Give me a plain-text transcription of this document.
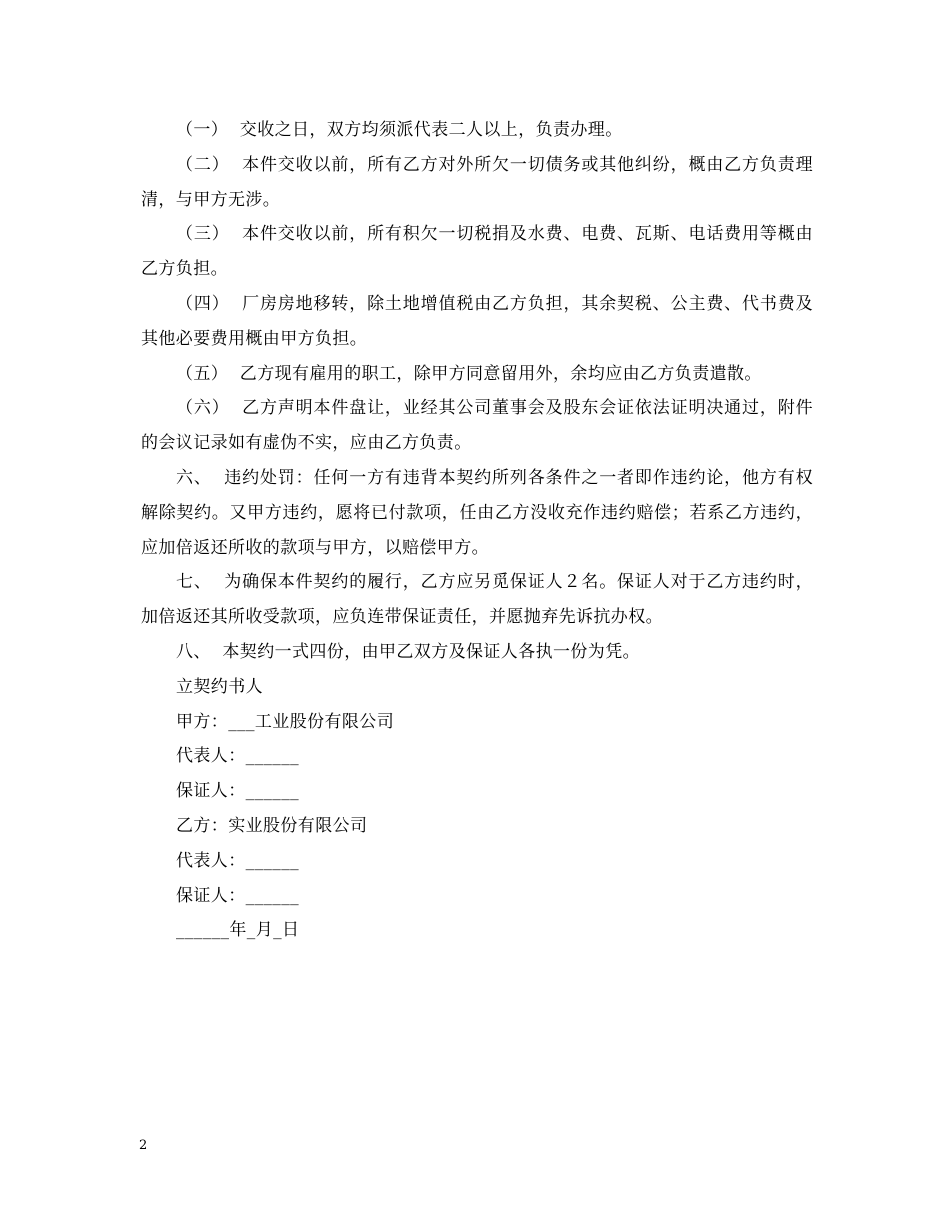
（一）  交收之日，双方均须派代表二人以上，负责办理。

（二）  本件交收以前，所有乙方对外所欠一切债务或其他纠纷，概由乙方负责理清，与甲方无涉。

（三）  本件交收以前，所有积欠一切税捐及水费、电费、瓦斯、电话费用等概由乙方负担。

（四）  厂房房地移转，除土地增值税由乙方负担，其余契税、公主费、代书费及其他必要费用概由甲方负担。

（五）  乙方现有雇用的职工，除甲方同意留用外，余均应由乙方负责遣散。

（六）  乙方声明本件盘让，业经其公司董事会及股东会证依法证明决通过，附件的会议记录如有虚伪不实，应由乙方负责。

六、  违约处罚：任何一方有违背本契约所列各条件之一者即作违约论，他方有权解除契约。又甲方违约，愿将已付款项，任由乙方没收充作违约赔偿；若系乙方违约，应加倍返还所收的款项与甲方，以赔偿甲方。

七、  为确保本件契约的履行，乙方应另觅保证人２名。保证人对于乙方违约时，加倍返还其所收受款项，应负连带保证责任，并愿抛弃先诉抗办权。

八、  本契约一式四份，由甲乙双方及保证人各执一份为凭。

立契约书人

甲方：___工业股份有限公司

代表人：______

保证人：______

乙方：实业股份有限公司

代表人：______

保证人：______

______年_月_日

2
